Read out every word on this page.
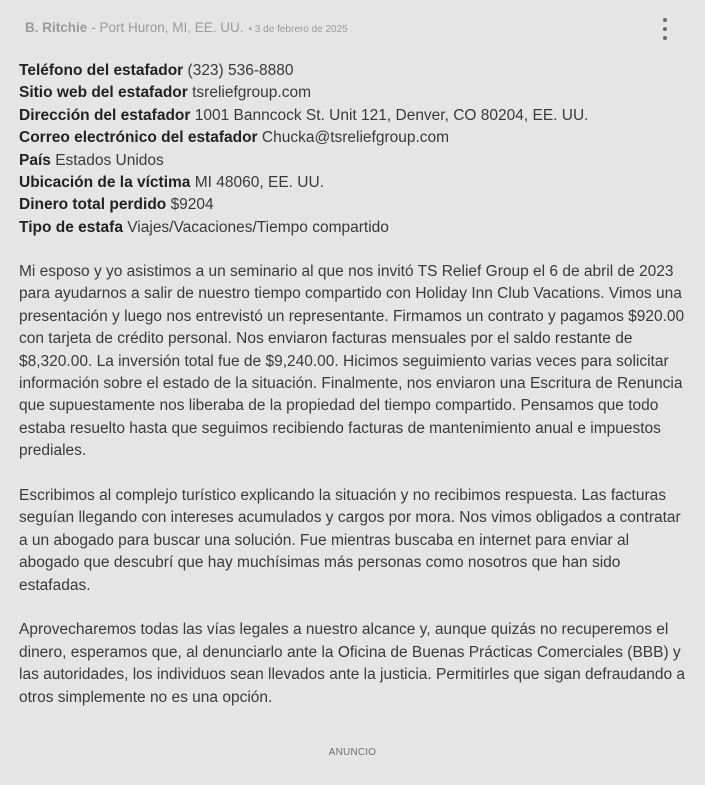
B. Ritchie - Port Huron, MI, EE. UU. • 3 de febrero de 2025
Teléfono del estafador (323) 536-8880
Sitio web del estafador tsreliefgroup.com
Dirección del estafador 1001 Banncock St. Unit 121, Denver, CO 80204, EE. UU.
Correo electrónico del estafador Chucka@tsreliefgroup.com
País Estados Unidos
Ubicación de la víctima MI 48060, EE. UU.
Dinero total perdido $9204
Tipo de estafa Viajes/Vacaciones/Tiempo compartido

Mi esposo y yo asistimos a un seminario al que nos invitó TS Relief Group el 6 de abril de 2023 para ayudarnos a salir de nuestro tiempo compartido con Holiday Inn Club Vacations. Vimos una presentación y luego nos entrevistó un representante. Firmamos un contrato y pagamos $920.00 con tarjeta de crédito personal. Nos enviaron facturas mensuales por el saldo restante de $8,320.00. La inversión total fue de $9,240.00. Hicimos seguimiento varias veces para solicitar información sobre el estado de la situación. Finalmente, nos enviaron una Escritura de Renuncia que supuestamente nos liberaba de la propiedad del tiempo compartido. Pensamos que todo estaba resuelto hasta que seguimos recibiendo facturas de mantenimiento anual e impuestos prediales.

Escribimos al complejo turístico explicando la situación y no recibimos respuesta. Las facturas seguían llegando con intereses acumulados y cargos por mora. Nos vimos obligados a contratar a un abogado para buscar una solución. Fue mientras buscaba en internet para enviar al abogado que descubrí que hay muchísimas más personas como nosotros que han sido estafadas.

Aprovecharemos todas las vías legales a nuestro alcance y, aunque quizás no recuperemos el dinero, esperamos que, al denunciarlo ante la Oficina de Buenas Prácticas Comerciales (BBB) y las autoridades, los individuos sean llevados ante la justicia. Permitirles que sigan defraudando a otros simplemente no es una opción.

ANUNCIO
